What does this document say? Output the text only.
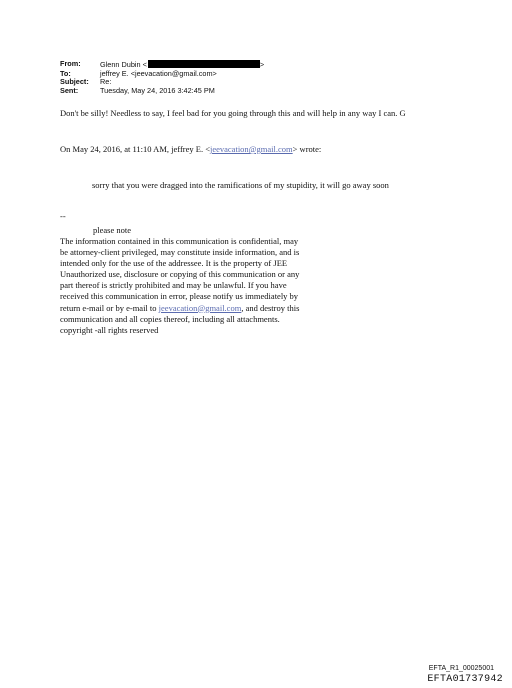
From:	Glenn Dubin <	>
To:	jeffrey E. <jeevacation@gmail.com>
Subject:	Re:
Sent:	Tuesday, May 24, 2016 3:42:45 PM

Don't be silly! Needless to say, I feel bad for you going through this and will help in any way I can. G

On May 24, 2016, at 11:10 AM, jeffrey E. <jeevacation@gmail.com> wrote:

sorry that you were dragged into the ramifications of my stupidity, it will go away soon

--

please note

The information contained in this communication is confidential, may be attorney-client privileged, may constitute inside information, and is intended only for the use of the addressee. It is the property of JEE Unauthorized use, disclosure or copying of this communication or any part thereof is strictly prohibited and may be unlawful. If you have received this communication in error, please notify us immediately by return e-mail or by e-mail to jeevacation@gmail.com, and destroy this communication and all copies thereof, including all attachments. copyright -all rights reserved

EFTA_R1_00025001
EFTA01737942
